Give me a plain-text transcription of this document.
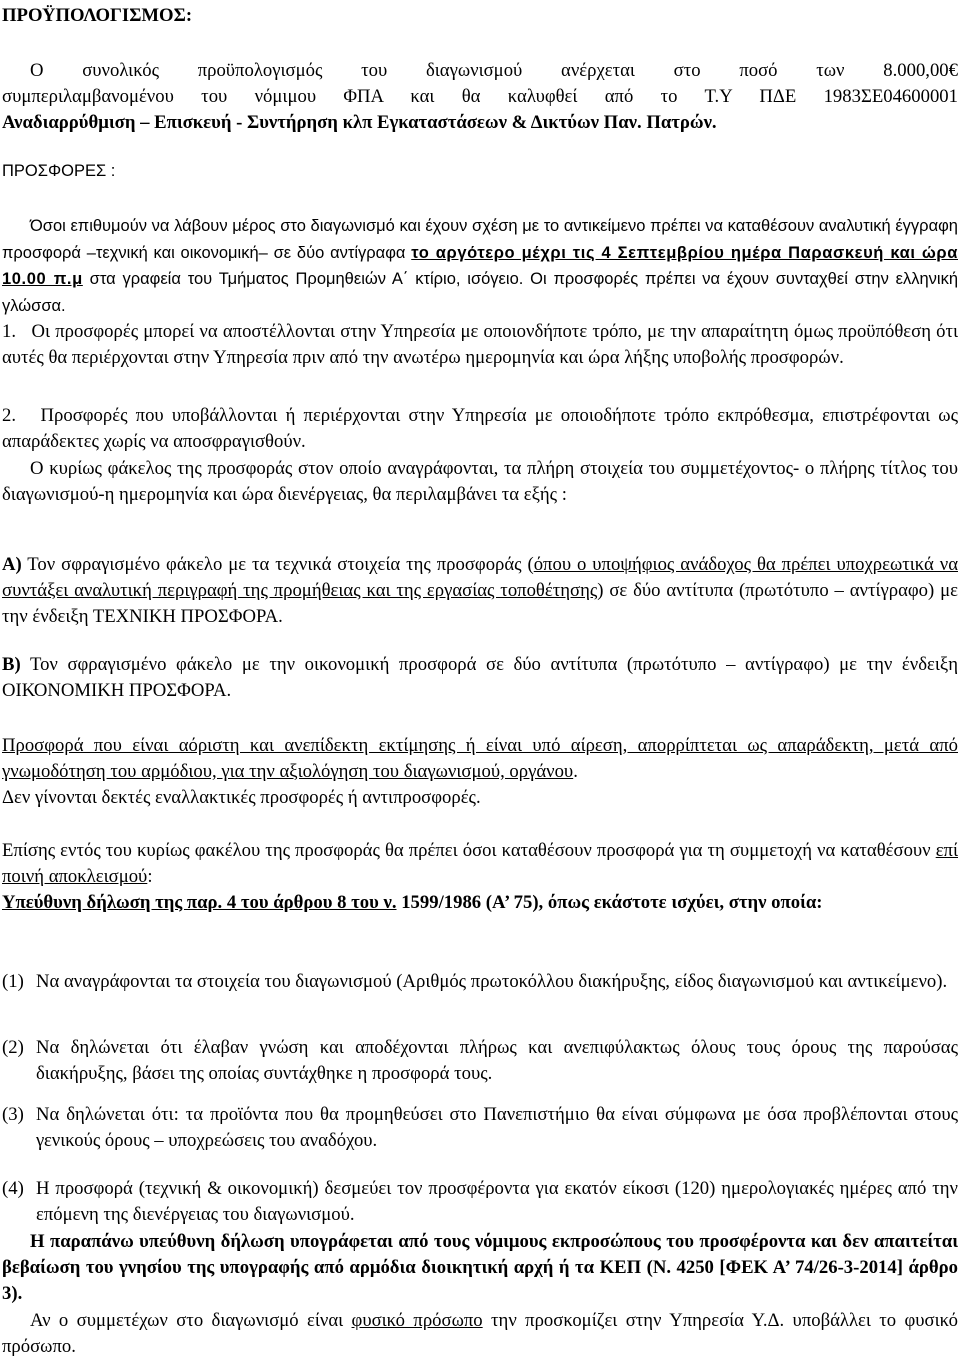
ΠΡΟΫΠΟΛΟΓΙΣΜΟΣ:
Ο συνολικός προϋπολογισμός του διαγωνισμού ανέρχεται στο ποσό των 8.000,00€
συμπεριλαμβανομένου του νόμιμου ΦΠΑ και θα καλυφθεί από το Τ.Υ ΠΔΕ 1983ΣΕ04600001
Αναδιαρρύθμιση – Επισκευή - Συντήρηση κλπ Εγκαταστάσεων & Δικτύων Παν. Πατρών.
ΠΡΟΣΦΟΡΕΣ :
Όσοι επιθυμούν να λάβουν μέρος στο διαγωνισμό και έχουν σχέση με το αντικείμενο πρέπει να καταθέσουν αναλυτική έγγραφη προσφορά –τεχνική και οικονομική– σε δύο αντίγραφα το αργότερο μέχρι τις 4 Σεπτεμβρίου ημέρα Παρασκευή και ώρα 10.00 π.μ στα γραφεία του Τμήματος Προμηθειών Α΄ κτίριο, ισόγειο. Οι προσφορές πρέπει να έχουν συνταχθεί στην ελληνική γλώσσα.
1. Οι προσφορές μπορεί να αποστέλλονται στην Υπηρεσία με οποιονδήποτε τρόπο, με την απαραίτητη όμως προϋπόθεση ότι αυτές θα περιέρχονται στην Υπηρεσία πριν από την ανωτέρω ημερομηνία και ώρα λήξης υποβολής προσφορών.
2. Προσφορές που υποβάλλονται ή περιέρχονται στην Υπηρεσία με οποιοδήποτε τρόπο εκπρόθεσμα, επιστρέφονται ως απαράδεκτες χωρίς να αποσφραγισθούν.
Ο κυρίως φάκελος της προσφοράς στον οποίο αναγράφονται, τα πλήρη στοιχεία του συμμετέχοντος- ο πλήρης τίτλος του διαγωνισμού-η ημερομηνία και ώρα διενέργειας, θα περιλαμβάνει τα εξής :
Α) Τον σφραγισμένο φάκελο με τα τεχνικά στοιχεία της προσφοράς (όπου ο υποψήφιος ανάδοχος θα πρέπει υποχρεωτικά να συντάξει αναλυτική περιγραφή της προμήθειας και της εργασίας τοποθέτησης) σε δύο αντίτυπα (πρωτότυπο – αντίγραφο) με την ένδειξη ΤΕΧΝΙΚΗ ΠΡΟΣΦΟΡΑ.
Β) Τον σφραγισμένο φάκελο με την οικονομική προσφορά σε δύο αντίτυπα (πρωτότυπο – αντίγραφο) με την ένδειξη ΟΙΚΟΝΟΜΙΚΗ ΠΡΟΣΦΟΡΑ.
Προσφορά που είναι αόριστη και ανεπίδεκτη εκτίμησης ή είναι υπό αίρεση, απορρίπτεται ως απαράδεκτη, μετά από γνωμοδότηση του αρμόδιου, για την αξιολόγηση του διαγωνισμού, οργάνου.
Δεν γίνονται δεκτές εναλλακτικές προσφορές ή αντιπροσφορές.
Επίσης εντός του κυρίως φακέλου της προσφοράς θα πρέπει όσοι καταθέσουν προσφορά για τη συμμετοχή να καταθέσουν επί ποινή αποκλεισμού:
Υπεύθυνη δήλωση της παρ. 4 του άρθρου 8 του ν. 1599/1986 (Α’ 75), όπως εκάστοτε ισχύει, στην οποία:
(1) Να αναγράφονται τα στοιχεία του διαγωνισμού (Αριθμός πρωτοκόλλου διακήρυξης, είδος διαγωνισμού και αντικείμενο).
(2) Να δηλώνεται ότι έλαβαν γνώση και αποδέχονται πλήρως και ανεπιφύλακτως όλους τους όρους της παρούσας διακήρυξης, βάσει της οποίας συντάχθηκε η προσφορά τους.
(3) Να δηλώνεται ότι: τα προϊόντα που θα προμηθεύσει στο Πανεπιστήμιο θα είναι σύμφωνα με όσα προβλέπονται στους γενικούς όρους – υποχρεώσεις του αναδόχου.
(4) Η προσφορά (τεχνική & οικονομική) δεσμεύει τον προσφέροντα για εκατόν είκοσι (120) ημερολογιακές ημέρες από την επόμενη της διενέργειας του διαγωνισμού.
Η παραπάνω υπεύθυνη δήλωση υπογράφεται από τους νόμιμους εκπροσώπους του προσφέροντα και δεν απαιτείται βεβαίωση του γνησίου της υπογραφής από αρμόδια διοικητική αρχή ή τα ΚΕΠ (Ν. 4250 [ΦΕΚ Α’ 74/26-3-2014] άρθρο 3).
Αν ο συμμετέχων στο διαγωνισμό είναι φυσικό πρόσωπο την προσκομίζει στην Υπηρεσία Υ.Δ. υποβάλλει το φυσικό πρόσωπο.
